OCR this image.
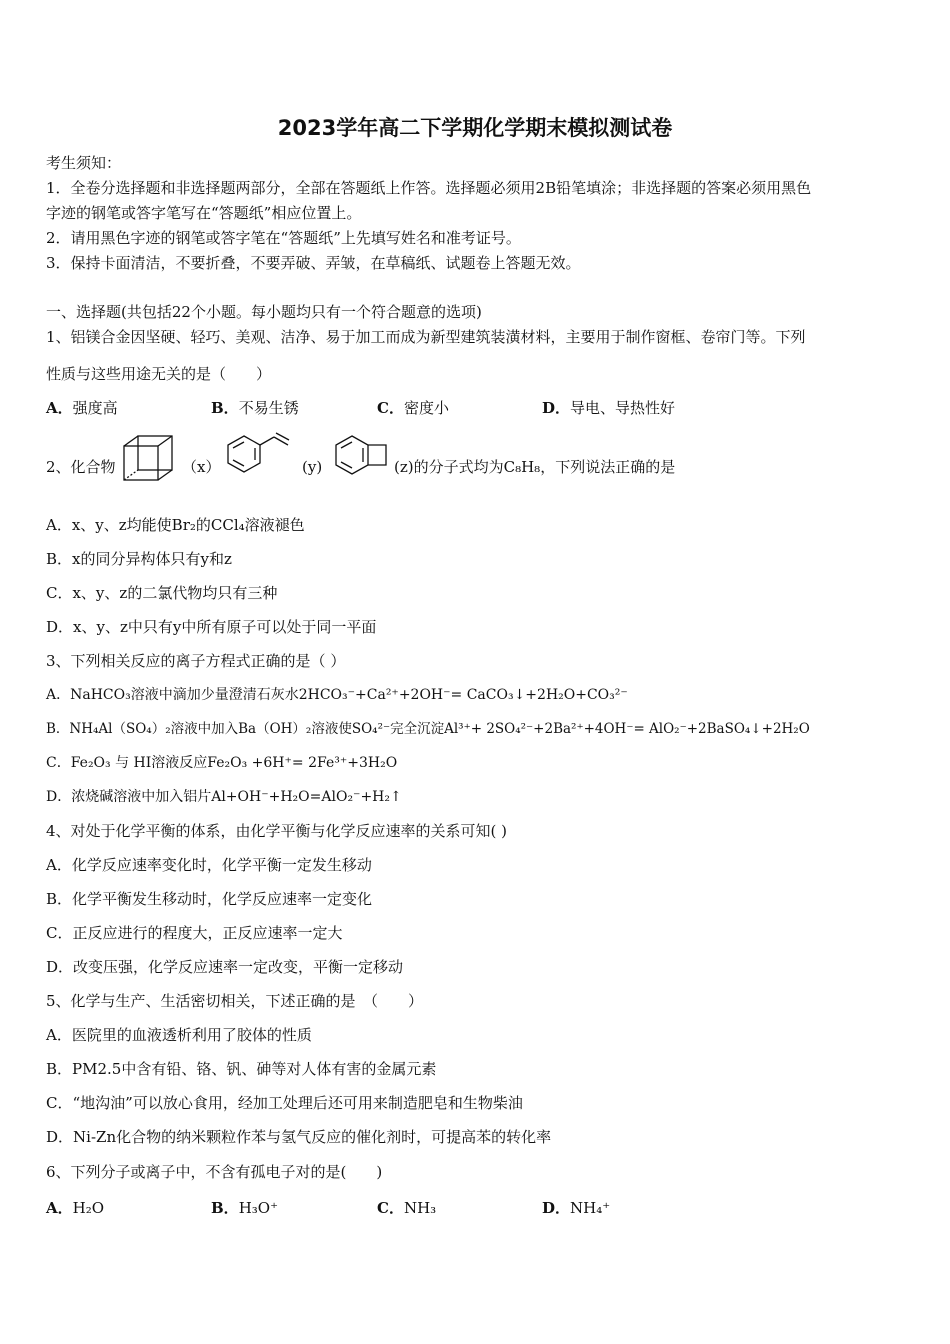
2023学年高二下学期化学期末模拟测试卷
考生须知：
1．全卷分选择题和非选择题两部分，全部在答题纸上作答。选择题必须用2B铅笔填涂；非选择题的答案必须用黑色
字迹的钢笔或答字笔写在“答题纸”相应位置上。
2．请用黑色字迹的钢笔或答字笔在“答题纸”上先填写姓名和准考证号。
3．保持卡面清洁，不要折叠，不要弄破、弄皱，在草稿纸、试题卷上答题无效。
一、选择题(共包括22个小题。每小题均只有一个符合题意的选项)
1、铝镁合金因坚硬、轻巧、美观、洁净、易于加工而成为新型建筑装潢材料，主要用于制作窗框、卷帘门等。下列
性质与这些用途无关的是（　　）
A．强度高	B．不易生锈	C．密度小	D．导电、导热性好
2、化合物	（x）	(y)	(z)的分子式均为C₈H₈，下列说法正确的是
A．x、y、z均能使Br₂的CCl₄溶液褪色
B．x的同分异构体只有y和z
C．x、y、z的二氯代物均只有三种
D．x、y、z中只有y中所有原子可以处于同一平面
3、下列相关反应的离子方程式正确的是（ ）
A．NaHCO₃溶液中滴加少量澄清石灰水2HCO₃⁻+Ca²⁺+2OH⁻= CaCO₃↓+2H₂O+CO₃²⁻
B．NH₄Al（SO₄）₂溶液中加入Ba（OH）₂溶液使SO₄²⁻完全沉淀Al³⁺+ 2SO₄²⁻+2Ba²⁺+4OH⁻= AlO₂⁻+2BaSO₄↓+2H₂O
C．Fe₂O₃ 与 HI溶液反应Fe₂O₃ +6H⁺= 2Fe³⁺+3H₂O
D．浓烧碱溶液中加入铝片Al+OH⁻+H₂O=AlO₂⁻+H₂↑
4、对处于化学平衡的体系，由化学平衡与化学反应速率的关系可知( )
A．化学反应速率变化时，化学平衡一定发生移动
B．化学平衡发生移动时，化学反应速率一定变化
C．正反应进行的程度大，正反应速率一定大
D．改变压强，化学反应速率一定改变，平衡一定移动
5、化学与生产、生活密切相关，下述正确的是　（　　）
A．医院里的血液透析利用了胶体的性质
B．PM2.5中含有铅、铬、钒、砷等对人体有害的金属元素
C．“地沟油”可以放心食用，经加工处理后还可用来制造肥皂和生物柴油
D．Ni-Zn化合物的纳米颗粒作苯与氢气反应的催化剂时，可提高苯的转化率
6、下列分子或离子中，不含有孤电子对的是(　　)
A．H₂O	B．H₃O⁺	C．NH₃	D．NH₄⁺
